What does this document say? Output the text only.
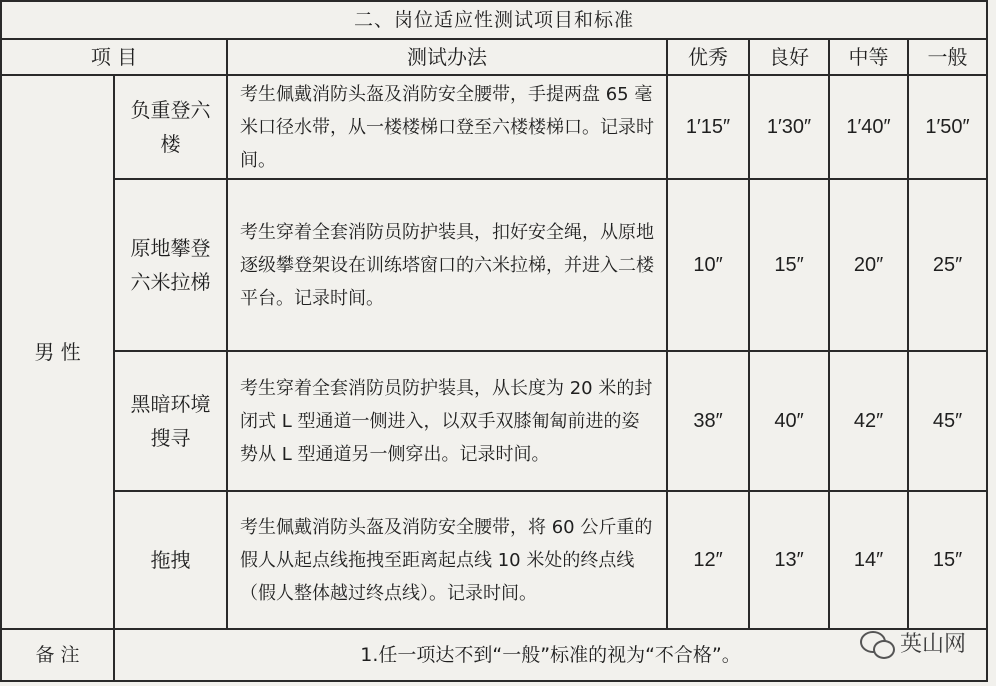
二、岗位适应性测试项目和标准						
项 目		测试办法	优秀	良好	中等	一般
男 性	负重登六楼	考生佩戴消防头盔及消防安全腰带，手提两盘 65 毫米口径水带，从一楼楼梯口登至六楼楼梯口。记录时间。	1′15″	1′30″	1′40″	1′50″
	原地攀登六米拉梯	考生穿着全套消防员防护装具，扣好安全绳，从原地逐级攀登架设在训练塔窗口的六米拉梯，并进入二楼平台。记录时间。	10″	15″	20″	25″
	黑暗环境搜寻	考生穿着全套消防员防护装具，从长度为 20 米的封闭式 L 型通道一侧进入，以双手双膝匍匐前进的姿势从 L 型通道另一侧穿出。记录时间。	38″	40″	42″	45″
	拖拽	考生佩戴消防头盔及消防安全腰带，将 60 公斤重的假人从起点线拖拽至距离起点线 10 米处的终点线（假人整体越过终点线）。记录时间。	12″	13″	14″	15″
备 注	1.任一项达不到“一般”标准的视为“不合格”。						英山网
